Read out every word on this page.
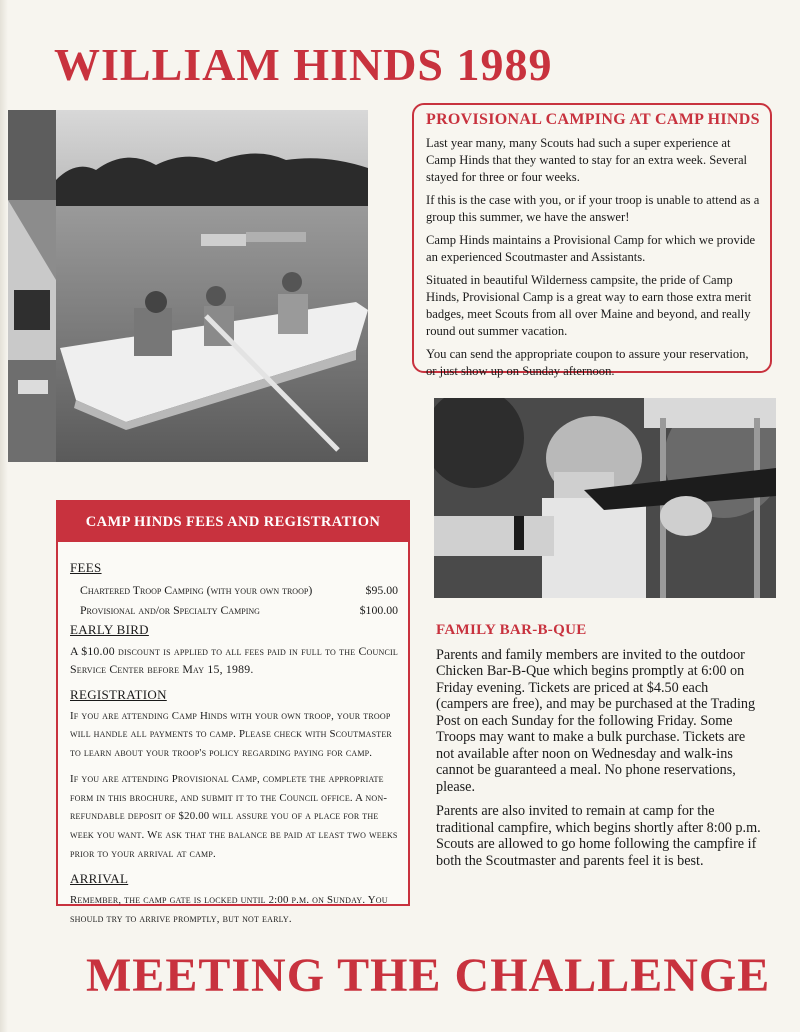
WILLIAM HINDS 1989
PROVISIONAL CAMPING AT CAMP HINDS

Last year many, many Scouts had such a super experience at Camp Hinds that they wanted to stay for an extra week. Several stayed for three or four weeks.

If this is the case with you, or if your troop is unable to attend as a group this summer, we have the answer!

Camp Hinds maintains a Provisional Camp for which we provide an experienced Scoutmaster and Assistants.

Situated in beautiful Wilderness campsite, the pride of Camp Hinds, Provisional Camp is a great way to earn those extra merit badges, meet Scouts from all over Maine and beyond, and really round out summer vacation.

You can send the appropriate coupon to assure your reservation, or just show up on Sunday afternoon.

CAMP HINDS FEES AND REGISTRATION
FEES
Chartered Troop Camping (with your own troop)	$95.00
Provisional and/or Specialty Camping	$100.00
EARLY BIRD

A $10.00 discount is applied to all fees paid in full to the Council Service Center before May 15, 1989.

REGISTRATION

If you are attending Camp Hinds with your own troop, your troop will handle all payments to camp. Please check with Scoutmaster to learn about your troop's policy regarding paying for camp.

If you are attending Provisional Camp, complete the appropriate form in this brochure, and submit it to the Council office. A non-refundable deposit of $20.00 will assure you of a place for the week you want. We ask that the balance be paid at least two weeks prior to your arrival at camp.

ARRIVAL

Remember, the camp gate is locked until 2:00 p.m. on Sunday. You should try to arrive promptly, but not early.

FAMILY BAR-B-QUE

Parents and family members are invited to the outdoor Chicken Bar-B-Que which begins promptly at 6:00 on Friday evening. Tickets are priced at $4.50 each (campers are free), and may be purchased at the Trading Post on each Sunday for the following Friday. Some Troops may want to make a bulk purchase. Tickets are not available after noon on Wednesday and walk-ins cannot be guaranteed a meal. No phone reservations, please.

Parents are also invited to remain at camp for the traditional campfire, which begins shortly after 8:00 p.m. Scouts are allowed to go home following the campfire if both the Scoutmaster and parents feel it is best.

MEETING THE CHALLENGE
